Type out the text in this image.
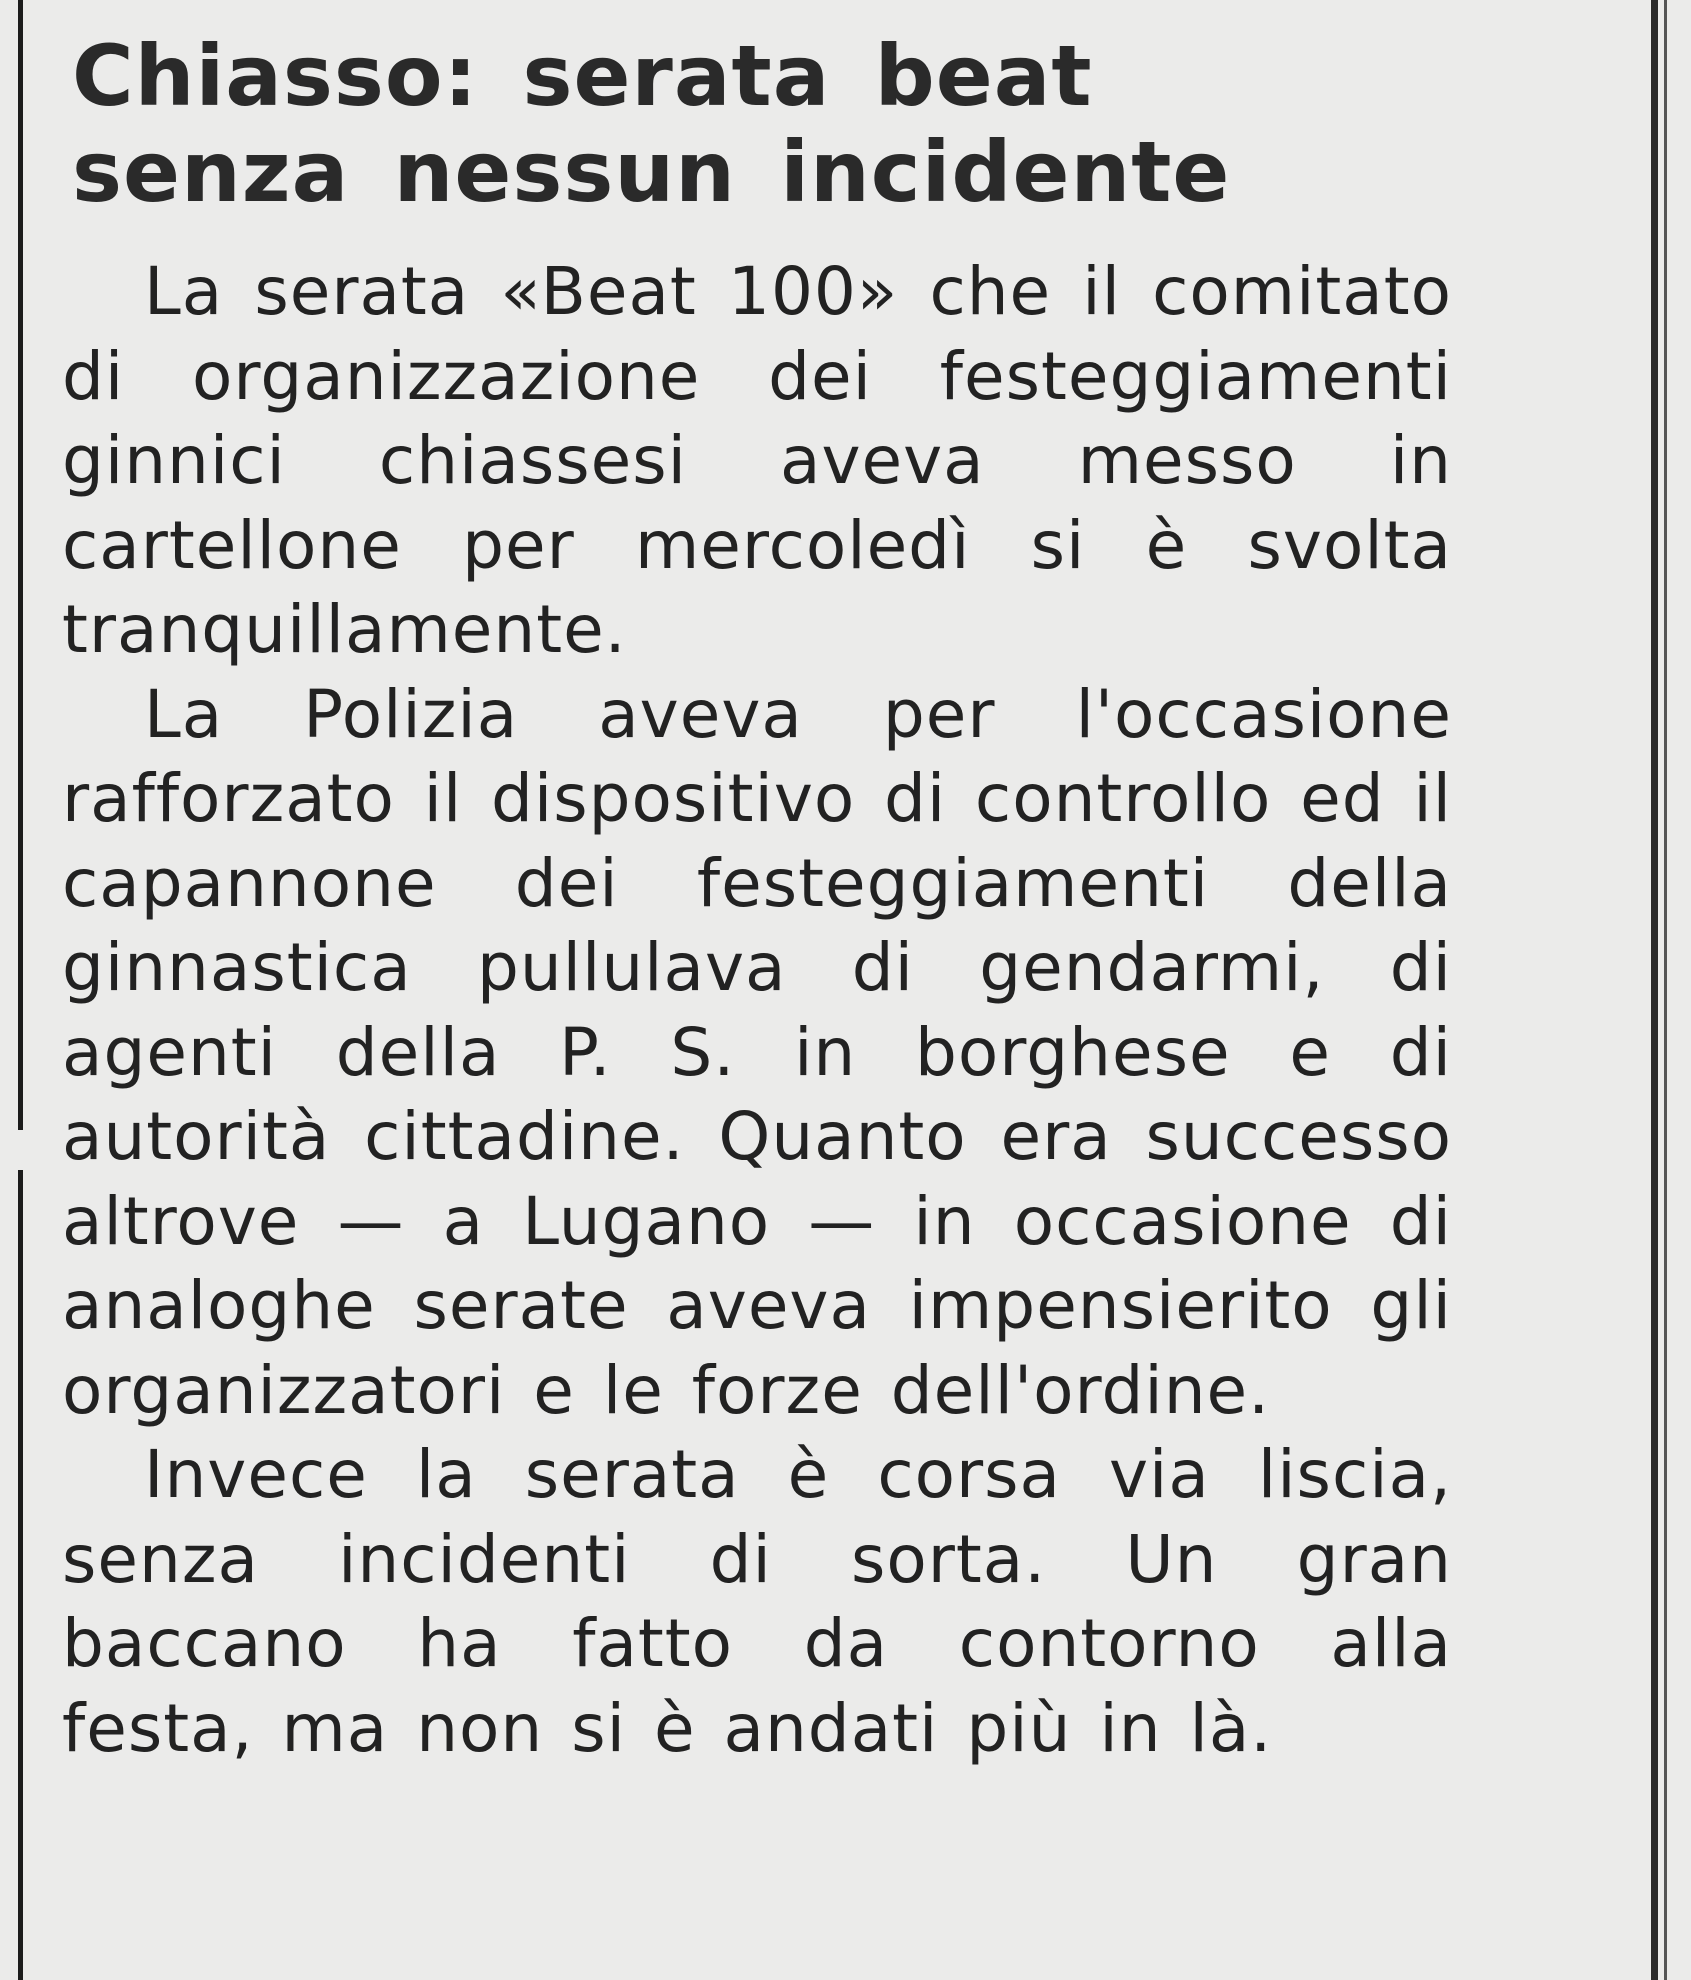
Chiasso: serata beat
senza nessun incidente

La serata «Beat 100» che il comitato di organizzazione dei festeggiamenti ginnici chiassesi aveva messo in cartellone per mercoledì si è svolta tranquillamente.

La Polizia aveva per l'occasione rafforzato il dispositivo di controllo ed il capannone dei festeggiamenti della ginnastica pullulava di gendarmi, di agenti della P. S. in borghese e di autorità cittadine. Quanto era successo altrove — a Lugano — in occasione di analoghe serate aveva impensierito gli organizzatori e le forze dell'ordine.

Invece la serata è corsa via liscia, senza incidenti di sorta. Un gran baccano ha fatto da contorno alla festa, ma non si è andati più in là.
